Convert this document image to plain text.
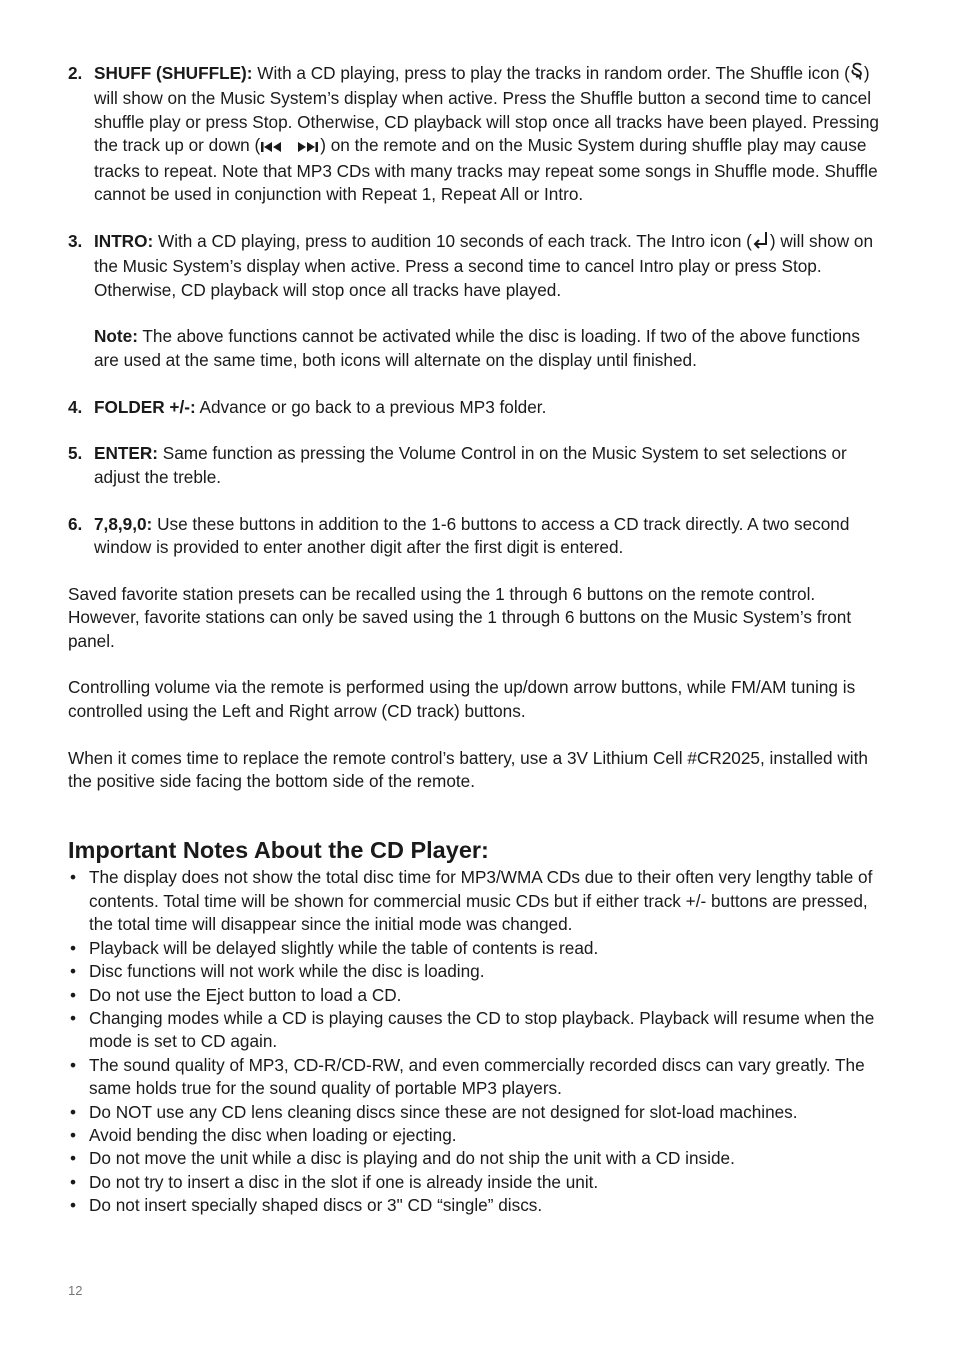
2. SHUFF (SHUFFLE): With a CD playing, press to play the tracks in random order. The Shuffle icon ( ) will show on the Music System’s display when active. Press the Shuffle button a second time to cancel shuffle play or press Stop. Otherwise, CD playback will stop once all tracks have been played. Pressing the track up or down (	) on the remote and on the Music System during shuffle play may cause tracks to repeat. Note that MP3 CDs with many tracks may repeat some songs in Shuffle mode. Shuffle cannot be used in conjunction with Repeat 1, Repeat All or Intro.
3. INTRO: With a CD playing, press to audition 10 seconds of each track. The Intro icon ( ) will show on the Music System’s display when active. Press a second time to cancel Intro play or press Stop. Otherwise, CD playback will stop once all tracks have played.
Note: The above functions cannot be activated while the disc is loading. If two of the above functions are used at the same time, both icons will alternate on the display until finished.
4. FOLDER +/-: Advance or go back to a previous MP3 folder.
5. ENTER: Same function as pressing the Volume Control in on the Music System to set selections or adjust the treble.
6. 7,8,9,0: Use these buttons in addition to the 1-6 buttons to access a CD track directly. A two second window is provided to enter another digit after the first digit is entered.
Saved favorite station presets can be recalled using the 1 through 6 buttons on the remote control. However, favorite stations can only be saved using the 1 through 6 buttons on the Music System’s front panel.
Controlling volume via the remote is performed using the up/down arrow buttons, while FM/AM tuning is controlled using the Left and Right arrow (CD track) buttons.
When it comes time to replace the remote control’s battery, use a 3V Lithium Cell #CR2025, installed with the positive side facing the bottom side of the remote.
Important Notes About the CD Player:
• The display does not show the total disc time for MP3/WMA CDs due to their often very lengthy table of contents. Total time will be shown for commercial music CDs but if either track +/- buttons are pressed, the total time will disappear since the initial mode was changed.
• Playback will be delayed slightly while the table of contents is read.
• Disc functions will not work while the disc is loading.
• Do not use the Eject button to load a CD.
• Changing modes while a CD is playing causes the CD to stop playback. Playback will resume when the mode is set to CD again.
• The sound quality of MP3, CD-R/CD-RW, and even commercially recorded discs can vary greatly. The same holds true for the sound quality of portable MP3 players.
• Do NOT use any CD lens cleaning discs since these are not designed for slot-load machines.
• Avoid bending the disc when loading or ejecting.
• Do not move the unit while a disc is playing and do not ship the unit with a CD inside.
• Do not try to insert a disc in the slot if one is already inside the unit.
• Do not insert specially shaped discs or 3" CD “single” discs.
12
